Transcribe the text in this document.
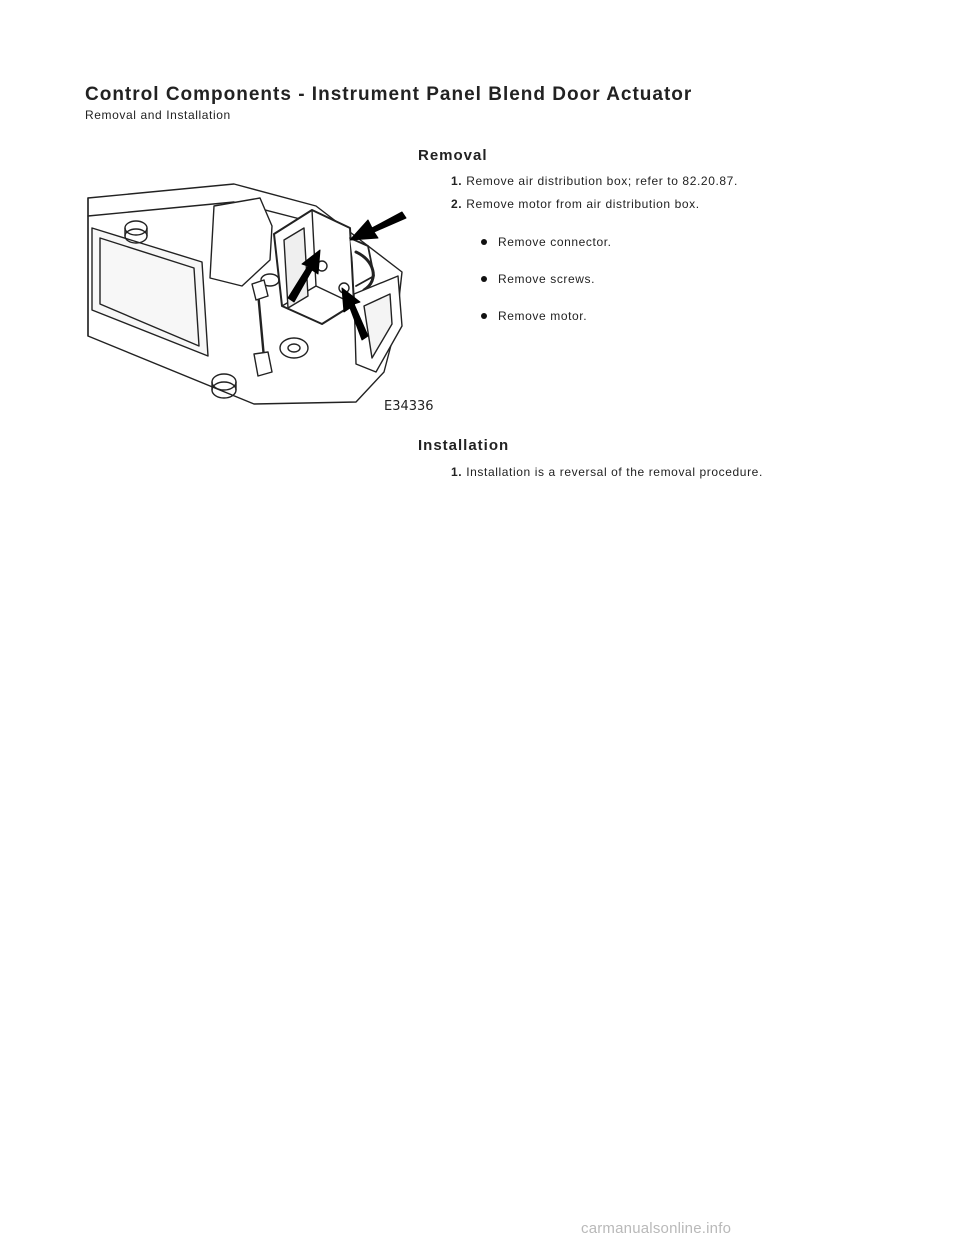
Control Components - Instrument Panel Blend Door Actuator

Removal and Installation

E34336

Removal

1. Remove air distribution box; refer to 82.20.87.

2. Remove motor from air distribution box.

Remove connector.

Remove screws.

Remove motor.

Installation

1. Installation is a reversal of the removal procedure.

carmanualsonline.info
